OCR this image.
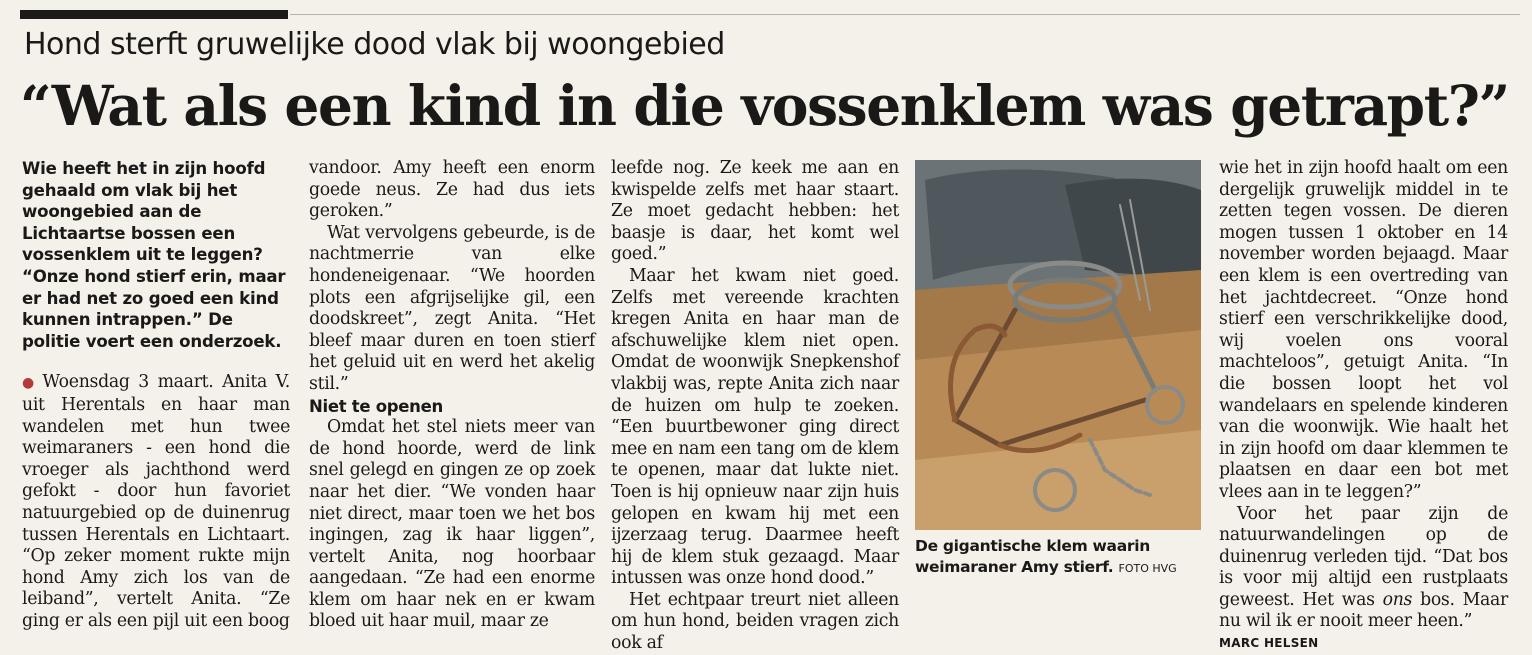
Hond sterft gruwelijke dood vlak bij woongebied
“Wat als een kind in die vossenklem was getrapt?”

Wie heeft het in zijn hoofd gehaald om vlak bij het woongebied aan de Lichtaartse bossen een vossenklem uit te leggen? “Onze hond stierf erin, maar er had net zo goed een kind kunnen intrappen.” De politie voert een onderzoek.

● Woensdag 3 maart. Anita V. uit Herentals en haar man wandelen met hun twee weimaraners - een hond die vroeger als jachthond werd gefokt - door hun favoriet natuurgebied op de duinenrug tussen Herentals en Lichtaart. “Op zeker moment rukte mijn hond Amy zich los van de leiband”, vertelt Anita. “Ze ging er als een pijl uit een boog

vandoor. Amy heeft een enorm goede neus. Ze had dus iets geroken.”

Wat vervolgens gebeurde, is de nachtmerrie van elke hondeneigenaar. “We hoorden plots een afgrijselijke gil, een doodskreet”, zegt Anita. “Het bleef maar duren en toen stierf het geluid uit en werd het akelig stil.”

Niet te openen

Omdat het stel niets meer van de hond hoorde, werd de link snel gelegd en gingen ze op zoek naar het dier. “We vonden haar niet direct, maar toen we het bos ingingen, zag ik haar liggen”, vertelt Anita, nog hoorbaar aangedaan. “Ze had een enorme klem om haar nek en er kwam bloed uit haar muil, maar ze

leefde nog. Ze keek me aan en kwispelde zelfs met haar staart. Ze moet gedacht hebben: het baasje is daar, het komt wel goed.”

Maar het kwam niet goed. Zelfs met vereende krachten kregen Anita en haar man de afschuwelijke klem niet open. Omdat de woonwijk Snepkenshof vlakbij was, repte Anita zich naar de huizen om hulp te zoeken. “Een buurtbewoner ging direct mee en nam een tang om de klem te openen, maar dat lukte niet. Toen is hij opnieuw naar zijn huis gelopen en kwam hij met een ijzerzaag terug. Daarmee heeft hij de klem stuk gezaagd. Maar intussen was onze hond dood.”

Het echtpaar treurt niet alleen om hun hond, beiden vragen zich ook af

De gigantische klem waarin weimaraner Amy stierf. FOTO HVG

wie het in zijn hoofd haalt om een dergelijk gruwelijk middel in te zetten tegen vossen. De dieren mogen tussen 1 oktober en 14 november worden bejaagd. Maar een klem is een overtreding van het jachtdecreet. “Onze hond stierf een verschrikkelijke dood, wij voelen ons vooral machteloos”, getuigt Anita. “In die bossen loopt het vol wandelaars en spelende kinderen van die woonwijk. Wie haalt het in zijn hoofd om daar klemmen te plaatsen en daar een bot met vlees aan in te leggen?”

Voor het paar zijn de natuurwandelingen op de duinenrug verleden tijd. “Dat bos is voor mij altijd een rustplaats geweest. Het was ons bos. Maar nu wil ik er nooit meer heen.”

MARC HELSEN
